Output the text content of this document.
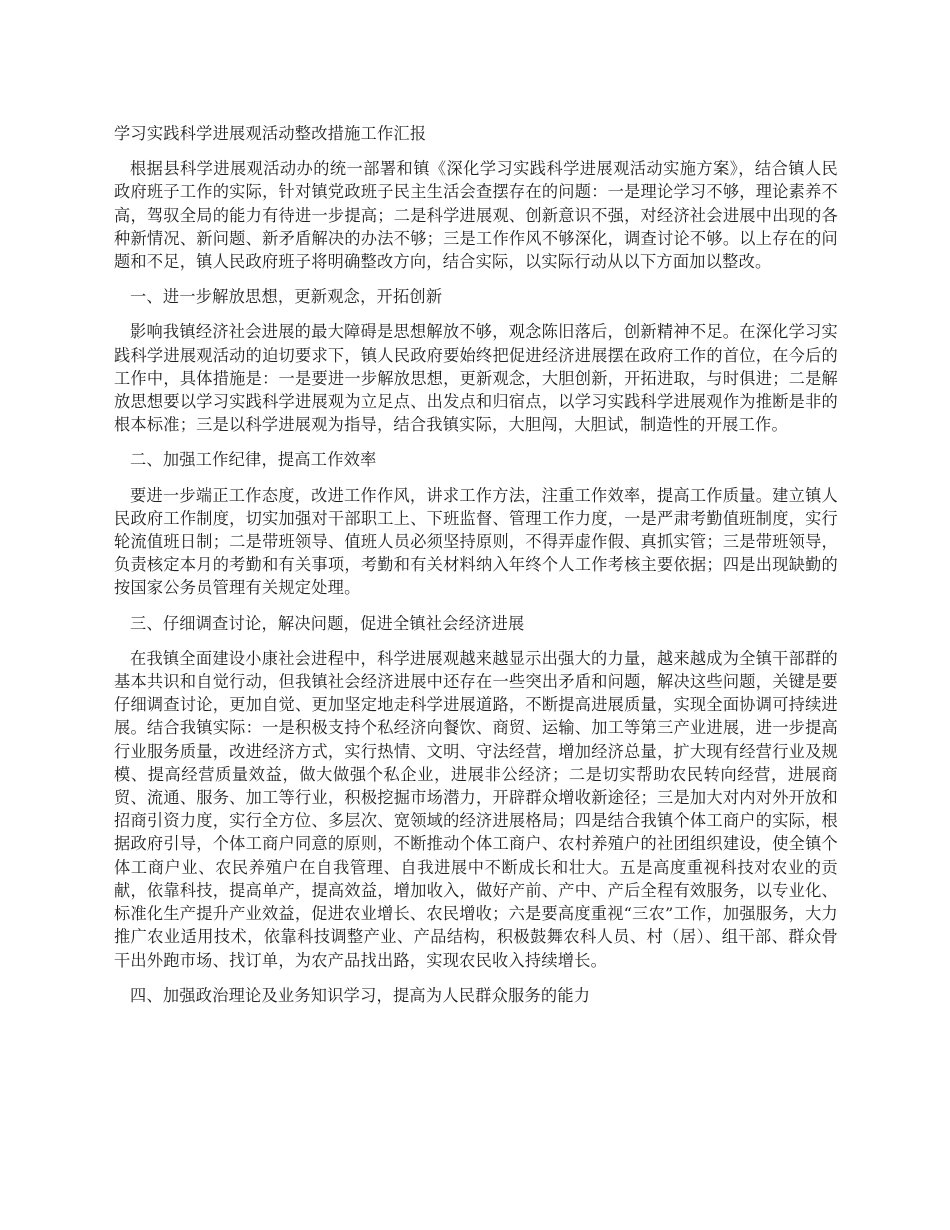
学习实践科学进展观活动整改措施工作汇报

根据县科学进展观活动办的统一部署和镇《深化学习实践科学进展观活动实施方案》，结合镇人民政府班子工作的实际，针对镇党政班子民主生活会查摆存在的问题：一是理论学习不够，理论素养不高，驾驭全局的能力有待进一步提高；二是科学进展观、创新意识不强，对经济社会进展中出现的各种新情况、新问题、新矛盾解决的办法不够；三是工作作风不够深化，调查讨论不够。以上存在的问题和不足，镇人民政府班子将明确整改方向，结合实际，以实际行动从以下方面加以整改。

一、进一步解放思想，更新观念，开拓创新

影响我镇经济社会进展的最大障碍是思想解放不够，观念陈旧落后，创新精神不足。在深化学习实践科学进展观活动的迫切要求下，镇人民政府要始终把促进经济进展摆在政府工作的首位，在今后的工作中，具体措施是：一是要进一步解放思想，更新观念，大胆创新，开拓进取，与时俱进；二是解放思想要以学习实践科学进展观为立足点、出发点和归宿点，以学习实践科学进展观作为推断是非的根本标准；三是以科学进展观为指导，结合我镇实际，大胆闯，大胆试，制造性的开展工作。

二、加强工作纪律，提高工作效率

要进一步端正工作态度，改进工作作风，讲求工作方法，注重工作效率，提高工作质量。建立镇人民政府工作制度，切实加强对干部职工上、下班监督、管理工作力度，一是严肃考勤值班制度，实行轮流值班日制；二是带班领导、值班人员必须坚持原则，不得弄虚作假、真抓实管；三是带班领导，负责核定本月的考勤和有关事项，考勤和有关材料纳入年终个人工作考核主要依据；四是出现缺勤的按国家公务员管理有关规定处理。

三、仔细调查讨论，解决问题，促进全镇社会经济进展

在我镇全面建设小康社会进程中，科学进展观越来越显示出强大的力量，越来越成为全镇干部群的基本共识和自觉行动，但我镇社会经济进展中还存在一些突出矛盾和问题，解决这些问题，关键是要仔细调查讨论，更加自觉、更加坚定地走科学进展道路，不断提高进展质量，实现全面协调可持续进展。结合我镇实际：一是积极支持个私经济向餐饮、商贸、运输、加工等第三产业进展，进一步提高行业服务质量，改进经济方式，实行热情、文明、守法经营，增加经济总量，扩大现有经营行业及规模、提高经营质量效益，做大做强个私企业，进展非公经济；二是切实帮助农民转向经营，进展商贸、流通、服务、加工等行业，积极挖掘市场潜力，开辟群众增收新途径；三是加大对内对外开放和招商引资力度，实行全方位、多层次、宽领域的经济进展格局；四是结合我镇个体工商户的实际，根据政府引导，个体工商户同意的原则，不断推动个体工商户、农村养殖户的社团组织建设，使全镇个体工商户业、农民养殖户在自我管理、自我进展中不断成长和壮大。五是高度重视科技对农业的贡献，依靠科技，提高单产，提高效益，增加收入，做好产前、产中、产后全程有效服务，以专业化、标准化生产提升产业效益，促进农业增长、农民增收；六是要高度重视“三农”工作，加强服务，大力推广农业适用技术，依靠科技调整产业、产品结构，积极鼓舞农科人员、村（居）、组干部、群众骨干出外跑市场、找订单，为农产品找出路，实现农民收入持续增长。

四、加强政治理论及业务知识学习，提高为人民群众服务的能力
